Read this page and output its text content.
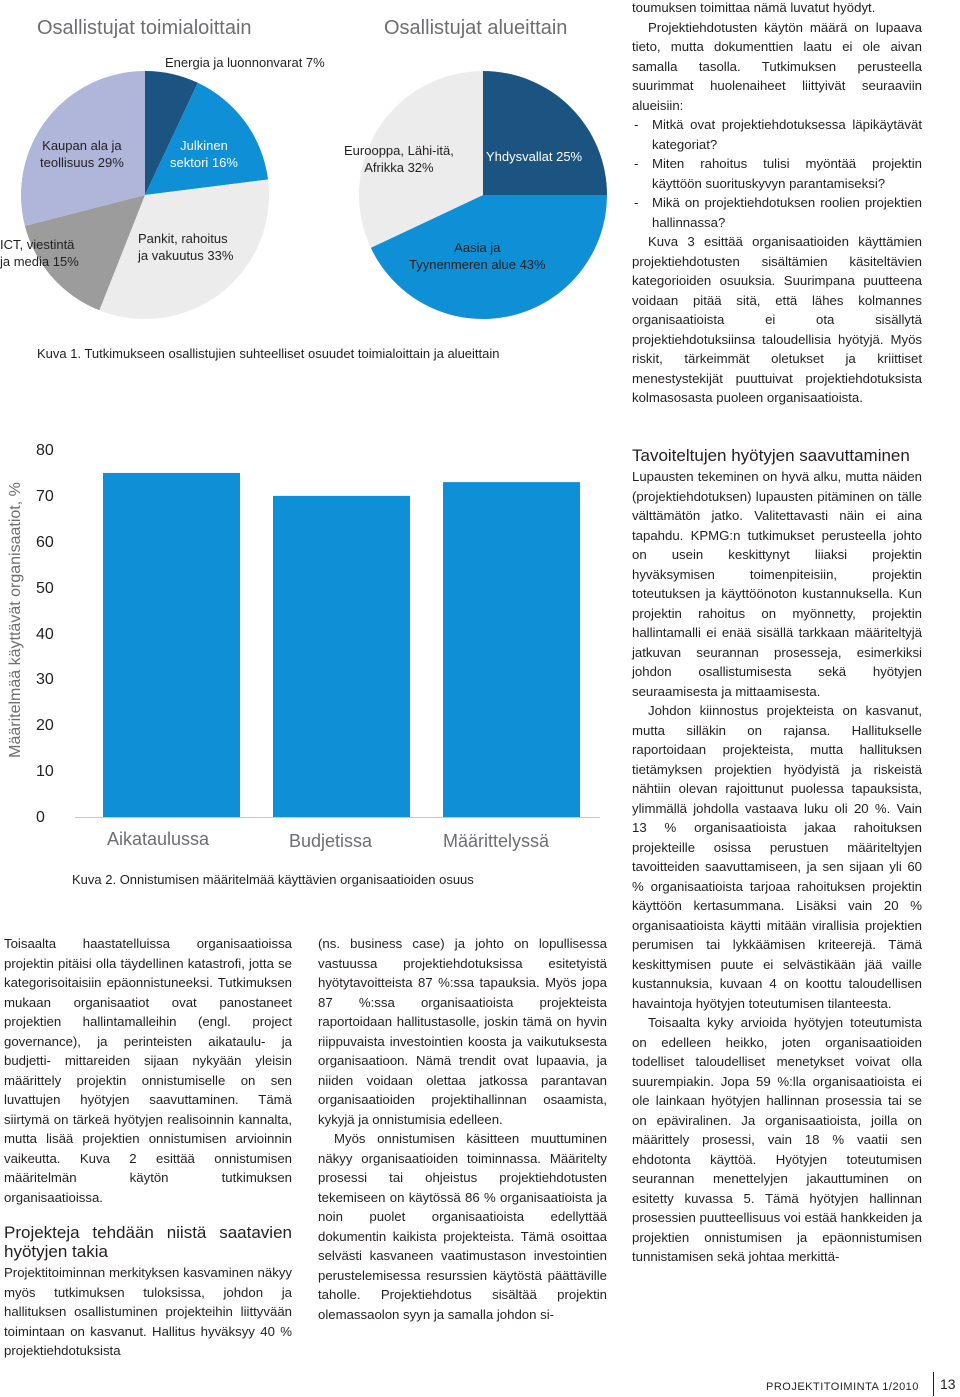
Osallistujat toimialoittain
Energia ja luonnonvarat 7%
Julkinen
sektori 16%
Kaupan ala ja
teollisuus 29%
ICT, viestintä
ja media 15%
Pankit, rahoitus
ja vakuutus 33%
Osallistujat alueittain
Yhdysvallat 25%
Eurooppa, Lähi-itä,
Afrikka 32%
Aasia ja
Tyynenmeren alue 43%
Kuva 1. Tutkimukseen osallistujien suhteelliset osuudet toimialoittain ja alueittain
Määritelmää käyttävät organisaatiot, %
80
70
60
50
40
30
20
10
0
Aikataulussa	Budjetissa	Määrittelyssä
Kuva 2. Onnistumisen määritelmää käyttävien organisaatioiden osuus

Toisaalta haastatelluissa organisaatioissa projektin pitäisi olla täydellinen katastrofi, jotta se kategorisoitaisiin epäonnistuneeksi. Tutkimuksen mukaan organisaatiot ovat panostaneet projektien hallintamalleihin (engl. project governance), ja perinteisten aikataulu- ja budjetti- mittareiden sijaan nykyään yleisin määrittely projektin onnistumiselle on sen luvattujen hyötyjen saavuttaminen. Tämä siirtymä on tärkeä hyötyjen realisoinnin kannalta, mutta lisää projektien onnistumisen arvioinnin vaikeutta. Kuva 2 esittää onnistumisen määritelmän käytön tutkimuksen organisaatioissa.

Projekteja tehdään niistä saatavien hyötyjen takia

Projektitoiminnan merkityksen kasvaminen näkyy myös tutkimuksen tuloksissa, johdon ja hallituksen osallistuminen projekteihin liittyvään toimintaan on kasvanut. Hallitus hyväksyy 40 % projektiehdotuksista

(ns. business case) ja johto on lopullisessa vastuussa projektiehdotuksissa esitetyistä hyötytavoitteista 87 %:ssa tapauksia. Myös jopa 87 %:ssa organisaatioista projekteista raportoidaan hallitustasolle, joskin tämä on hyvin riippuvaista investointien koosta ja vaikutuksesta organisaatioon. Nämä trendit ovat lupaavia, ja niiden voidaan olettaa jatkossa parantavan organisaatioiden projektihallinnan osaamista, kykyjä ja onnistumisia edelleen.

Myös onnistumisen käsitteen muuttuminen näkyy organisaatioiden toiminnassa. Määritelty prosessi tai ohjeistus projektiehdotusten tekemiseen on käytössä 86 % organisaatioista ja noin puolet organisaatioista edellyttää dokumentin kaikista projekteista. Tämä osoittaa selvästi kasvaneen vaatimustason investointien perustelemisessa resurssien käytöstä päättäville taholle. Projektiehdotus sisältää projektin olemassaolon syyn ja samalla johdon si-

toumuksen toimittaa nämä luvatut hyödyt.

Projektiehdotusten käytön määrä on lupaava tieto, mutta dokumenttien laatu ei ole aivan samalla tasolla. Tutkimuksen perusteella suurimmat huolenaiheet liittyivät seuraaviin alueisiin:

- Mitkä ovat projektiehdotuksessa läpikäytävät kategoriat?
- Miten rahoitus tulisi myöntää projektin käyttöön suorituskyvyn parantamiseksi?
- Mikä on projektiehdotuksen roolien projektien hallinnassa?

Kuva 3 esittää organisaatioiden käyttämien projektiehdotusten sisältämien käsiteltävien kategorioiden osuuksia. Suurimpana puutteena voidaan pitää sitä, että lähes kolmannes organisaatioista ei ota sisällytä projektiehdotuksiinsa taloudellisia hyötyjä. Myös riskit, tärkeimmät oletukset ja kriittiset menestystekijät puuttuivat projektiehdotuksista kolmasosasta puoleen organisaatioista.

Tavoiteltujen hyötyjen saavuttaminen

Lupausten tekeminen on hyvä alku, mutta näiden (projektiehdotuksen) lupausten pitäminen on tälle välttämätön jatko. Valitettavasti näin ei aina tapahdu. KPMG:n tutkimukset perusteella johto on usein keskittynyt liiaksi projektin hyväksymisen toimenpiteisiin, projektin toteutuksen ja käyttöönoton kustannuksella. Kun projektin rahoitus on myönnetty, projektin hallintamalli ei enää sisällä tarkkaan määriteltyjä jatkuvan seurannan prosesseja, esimerkiksi johdon osallistumisesta sekä hyötyjen seuraamisesta ja mittaamisesta.

Johdon kiinnostus projekteista on kasvanut, mutta silläkin on rajansa. Hallitukselle raportoidaan projekteista, mutta hallituksen tietämyksen projektien hyödyistä ja riskeistä nähtiin olevan rajoittunut puolessa tapauksista, ylimmällä johdolla vastaava luku oli 20 %. Vain 13 % organisaatioista jakaa rahoituksen projekteille osissa perustuen määriteltyjen tavoitteiden saavuttamiseen, ja sen sijaan yli 60 % organisaatioista tarjoaa rahoituksen projektin käyttöön kertasummana. Lisäksi vain 20 % organisaatioista käytti mitään virallisia projektien perumisen tai lykkäämisen kriteerejä. Tämä keskittymisen puute ei selvästikään jää vaille kustannuksia, kuvaan 4 on koottu taloudellisen havaintoja hyötyjen toteutumisen tilanteesta.

Toisaalta kyky arvioida hyötyjen toteutumista on edelleen heikko, joten organisaatioiden todelliset taloudelliset menetykset voivat olla suurempiakin. Jopa 59 %:lla organisaatioista ei ole lainkaan hyötyjen hallinnan prosessia tai se on epäviralinen. Ja organisaatioista, joilla on määrittely prosessi, vain 18 % vaatii sen ehdotonta käyttöä. Hyötyjen toteutumisen seurannan menettelyjen jakauttuminen on esitetty kuvassa 5. Tämä hyötyjen hallinnan prosessien puutteellisuus voi estää hankkeiden ja projektien onnistumisen ja epäonnistumisen tunnistamisen sekä johtaa merkittä-

PROJEKTITOIMINTA 1/2010 13
